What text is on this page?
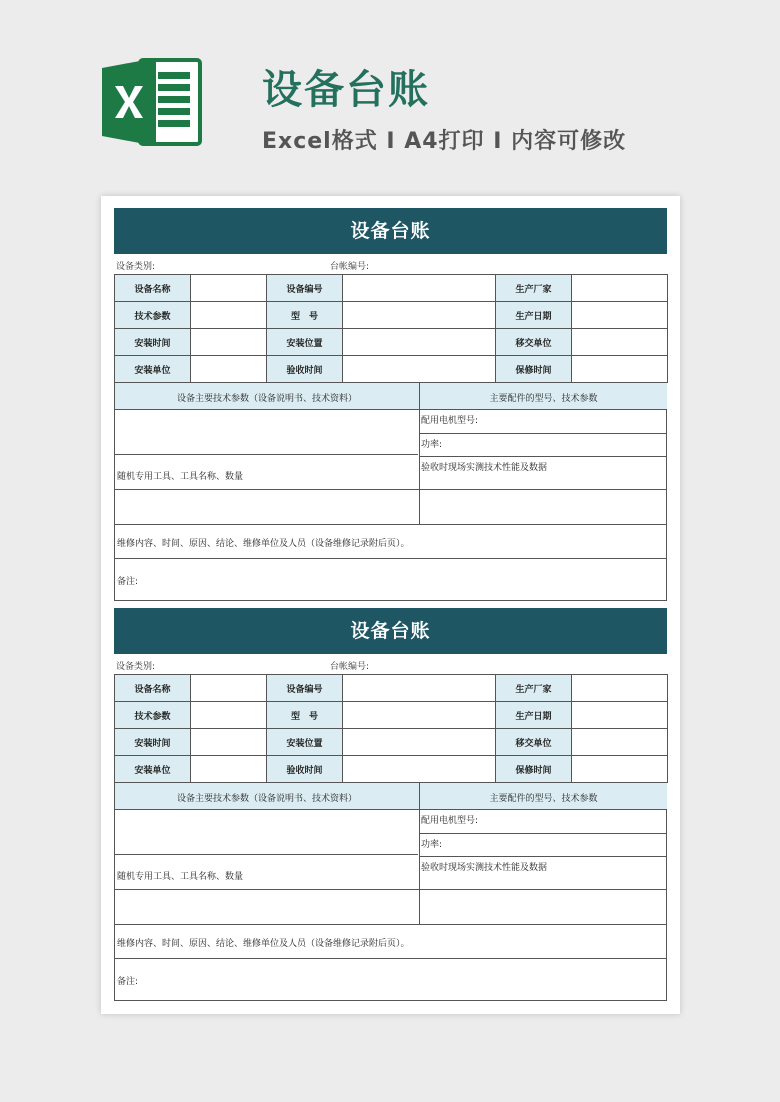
设备台账
Excel格式 Ⅰ A4打印 Ⅰ 内容可修改
设备台账
设备类别:	台帐编号:
设备名称		设备编号		生产厂家	
技术参数		型　号		生产日期	
安装时间		安装位置		移交单位	
安装单位		验收时间		保修时间	
设备主要技术参数（设备说明书、技术资料）	主要配件的型号、技术参数
配用电机型号:
功率:
随机专用工具、工具名称、数量
验收时现场实测技术性能及数据
维修内容、时间、原因、结论、维修单位及人员（设备维修记录附后页）。
备注:
设备台账
设备类别:	台帐编号:
设备名称		设备编号		生产厂家	
技术参数		型　号		生产日期	
安装时间		安装位置		移交单位	
安装单位		验收时间		保修时间	
设备主要技术参数（设备说明书、技术资料）	主要配件的型号、技术参数
配用电机型号:
功率:
随机专用工具、工具名称、数量
验收时现场实测技术性能及数据
维修内容、时间、原因、结论、维修单位及人员（设备维修记录附后页）。
备注:
